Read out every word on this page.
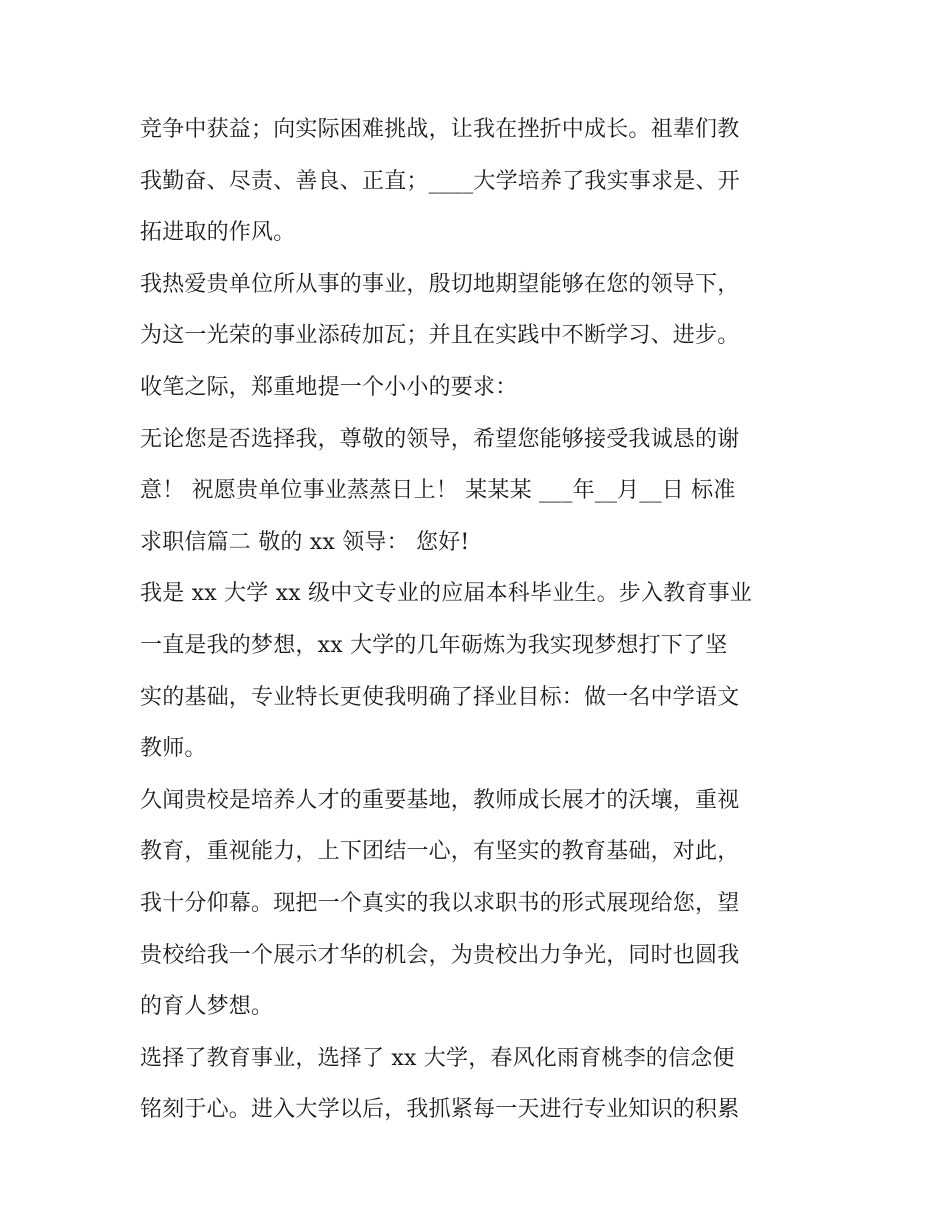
竞争中获益；向实际困难挑战，让我在挫折中成长。祖辈们教
我勤奋、尽责、善良、正直；____大学培养了我实事求是、开
拓进取的作风。
我热爱贵单位所从事的事业，殷切地期望能够在您的领导下，
为这一光荣的事业添砖加瓦；并且在实践中不断学习、进步。
收笔之际，郑重地提一个小小的要求：
无论您是否选择我，尊敬的领导，希望您能够接受我诚恳的谢
意！ 祝愿贵单位事业蒸蒸日上！ 某某某 ___年__月__日 标准
求职信篇二 敬的 xx 领导： 您好!
我是 xx 大学 xx 级中文专业的应届本科毕业生。步入教育事业
一直是我的梦想，xx 大学的几年砺炼为我实现梦想打下了坚
实的基础，专业特长更使我明确了择业目标：做一名中学语文
教师。
久闻贵校是培养人才的重要基地，教师成长展才的沃壤，重视
教育，重视能力，上下团结一心，有坚实的教育基础，对此，
我十分仰幕。现把一个真实的我以求职书的形式展现给您，望
贵校给我一个展示才华的机会，为贵校出力争光，同时也圆我
的育人梦想。
选择了教育事业，选择了 xx 大学，春风化雨育桃李的信念便
铭刻于心。进入大学以后，我抓紧每一天进行专业知识的积累
